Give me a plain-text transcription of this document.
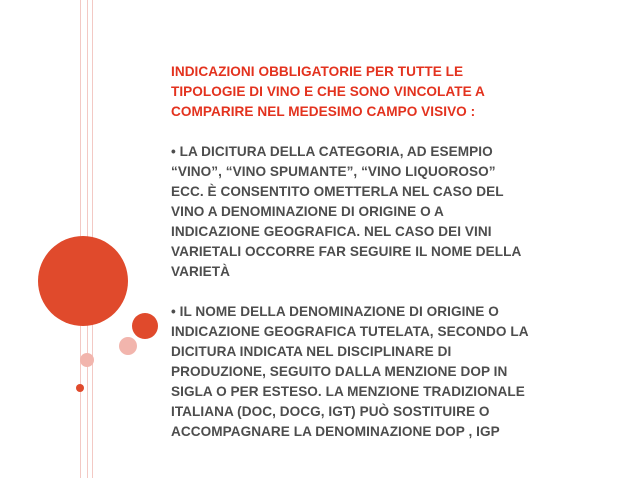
INDICAZIONI OBBLIGATORIE PER TUTTE LE
TIPOLOGIE DI VINO E CHE SONO VINCOLATE A
COMPARIRE NEL MEDESIMO CAMPO VISIVO :

• LA DICITURA DELLA CATEGORIA, AD ESEMPIO
“VINO”, “VINO SPUMANTE”, “VINO LIQUOROSO”
ECC. È CONSENTITO OMETTERLA NEL CASO DEL
VINO A DENOMINAZIONE DI ORIGINE O A
INDICAZIONE GEOGRAFICA. NEL CASO DEI VINI
VARIETALI OCCORRE FAR SEGUIRE IL NOME DELLA
VARIETÀ

• IL NOME DELLA DENOMINAZIONE DI ORIGINE O
INDICAZIONE GEOGRAFICA TUTELATA, SECONDO LA
DICITURA INDICATA NEL DISCIPLINARE DI
PRODUZIONE, SEGUITO DALLA MENZIONE DOP IN
SIGLA O PER ESTESO. LA MENZIONE TRADIZIONALE
ITALIANA (DOC, DOCG, IGT) PUÒ SOSTITUIRE O
ACCOMPAGNARE LA DENOMINAZIONE DOP , IGP
